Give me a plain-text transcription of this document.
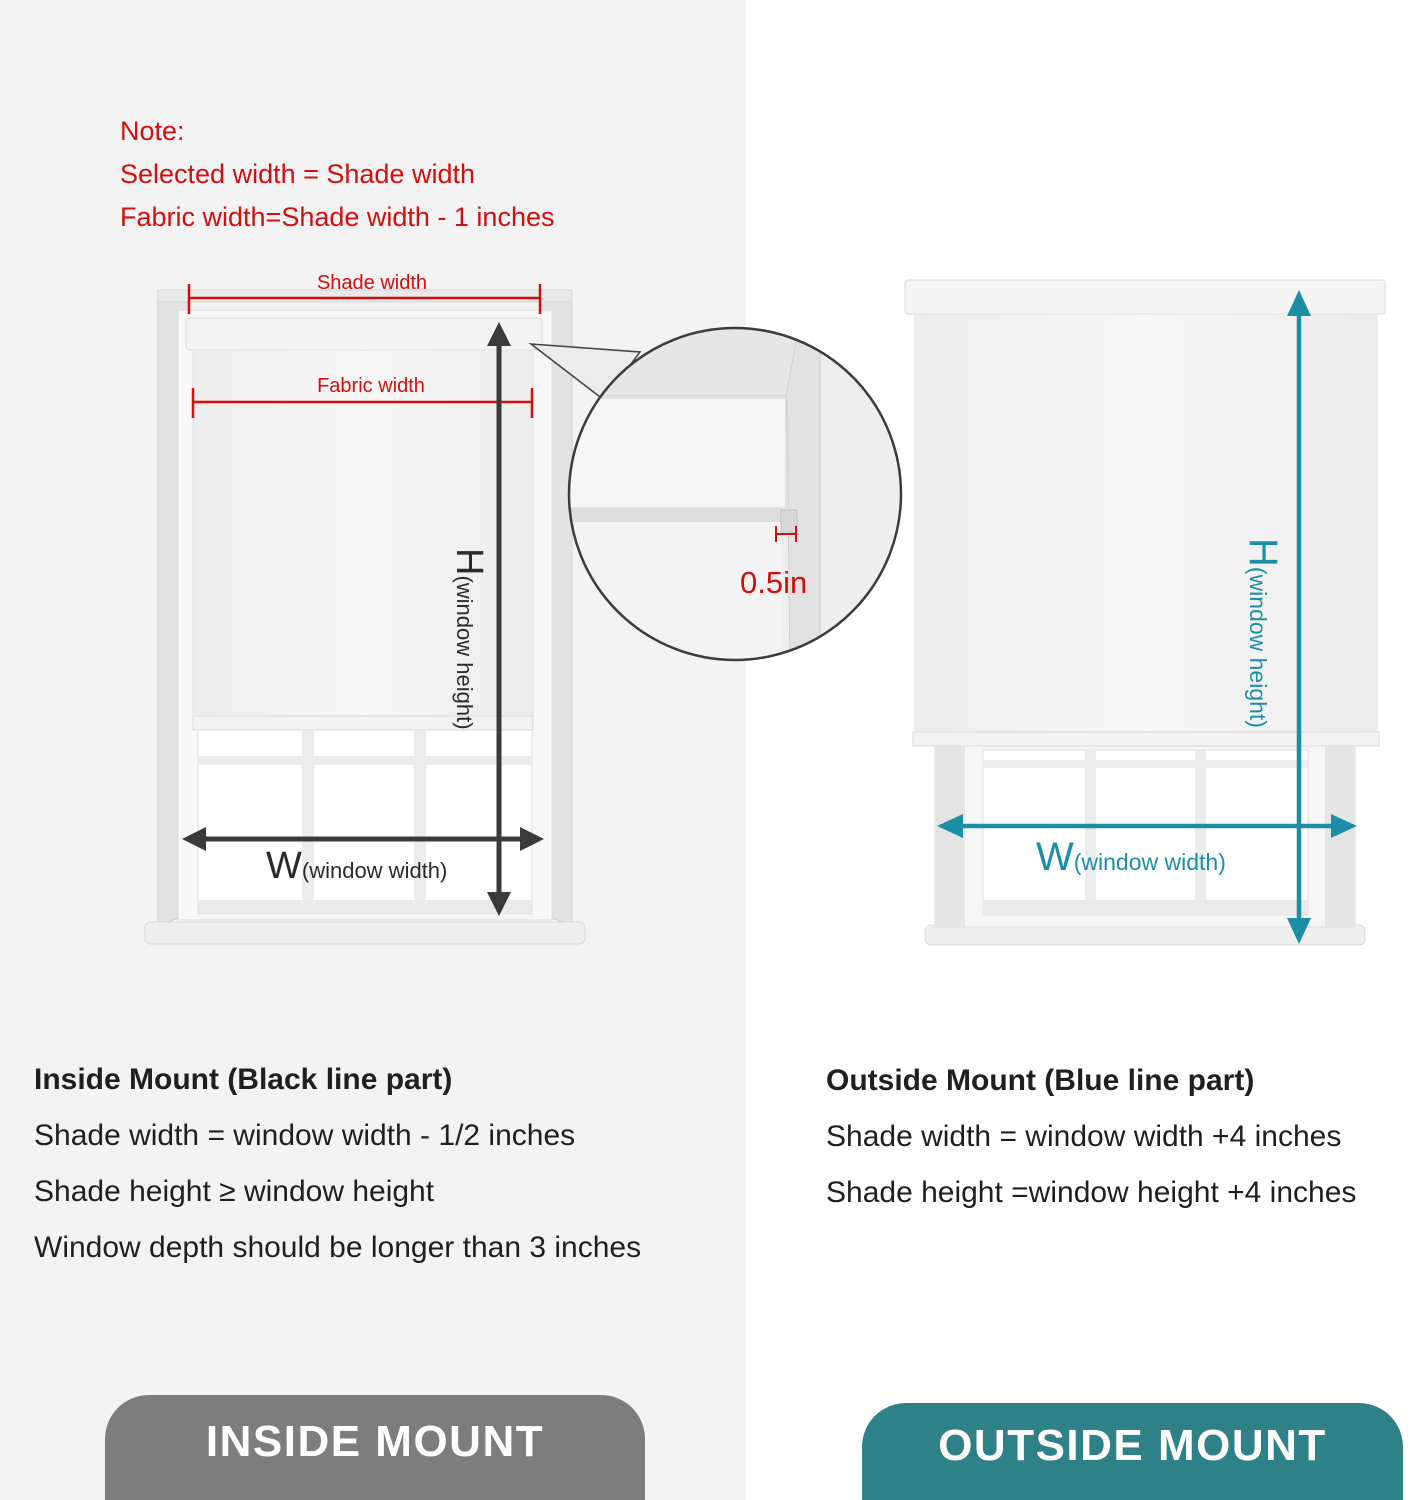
Shade width
Fabric width
H(window height)
W(window width)
0.5in
H(window height)
W(window width)
Note:
Selected width = Shade width
Fabric width=Shade width - 1 inches
Inside Mount (Black line part)
Shade width = window width - 1/2 inches
Shade height ≥ window height
Window depth should be longer than 3 inches
Outside Mount (Blue line part)
Shade width = window width +4 inches
Shade height =window height +4 inches
INSIDE MOUNT	OUTSIDE MOUNT
